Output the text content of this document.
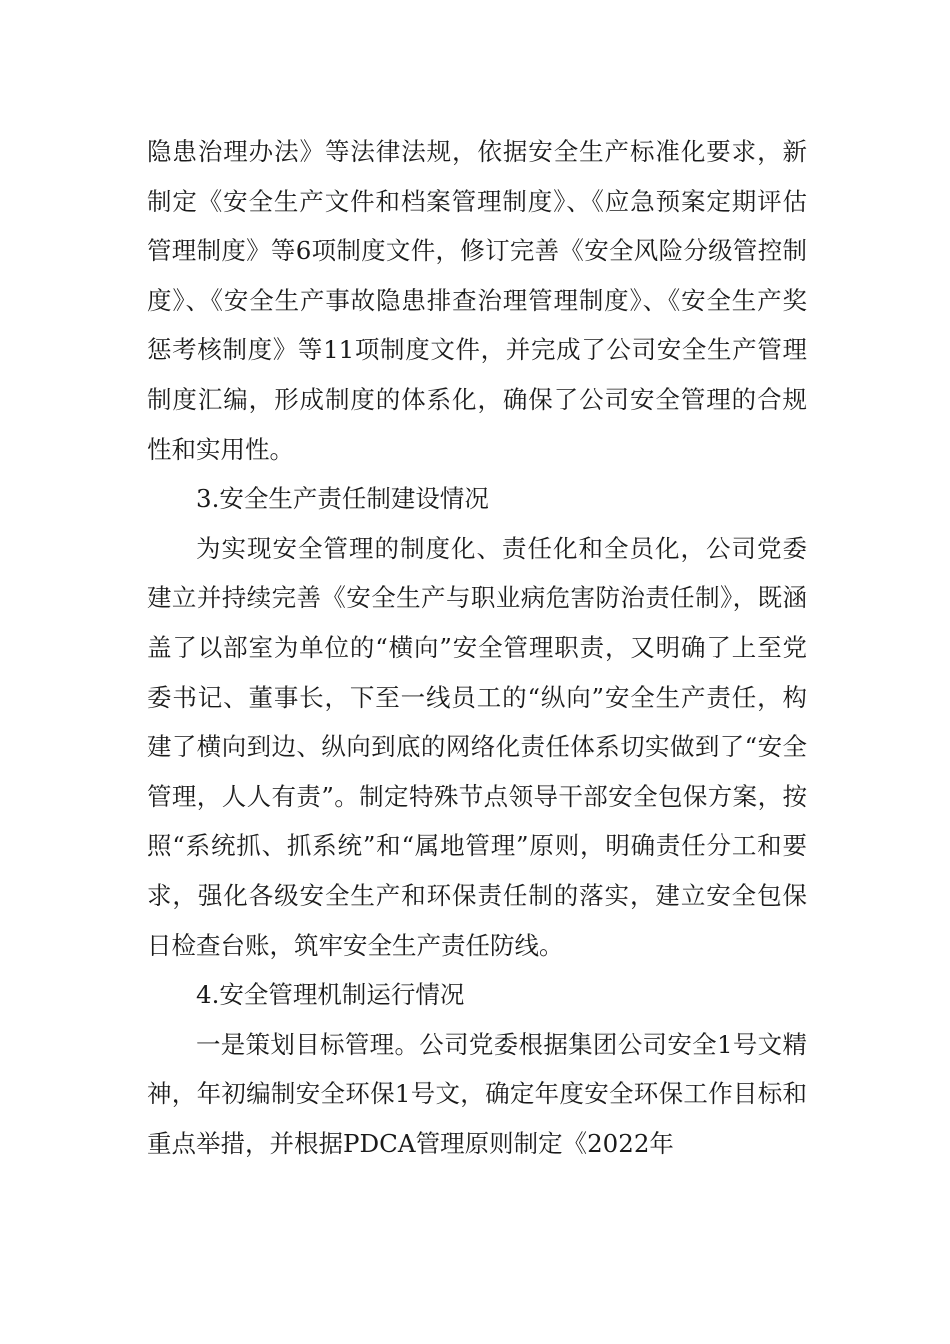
隐患治理办法》等法律法规，依据安全生产标准化要求，新制定《安全生产文件和档案管理制度》、《应急预案定期评估管理制度》等6项制度文件，修订完善《安全风险分级管控制度》、《安全生产事故隐患排查治理管理制度》、《安全生产奖惩考核制度》等11项制度文件，并完成了公司安全生产管理制度汇编，形成制度的体系化，确保了公司安全管理的合规性和实用性。

3.安全生产责任制建设情况

为实现安全管理的制度化、责任化和全员化，公司党委建立并持续完善《安全生产与职业病危害防治责任制》，既涵盖了以部室为单位的“横向”安全管理职责，又明确了上至党委书记、董事长，下至一线员工的“纵向”安全生产责任，构建了横向到边、纵向到底的网络化责任体系切实做到了“安全管理，人人有责”。制定特殊节点领导干部安全包保方案，按照“系统抓、抓系统”和“属地管理”原则，明确责任分工和要求，强化各级安全生产和环保责任制的落实，建立安全包保日检查台账，筑牢安全生产责任防线。

4.安全管理机制运行情况

一是策划目标管理。公司党委根据集团公司安全1号文精神，年初编制安全环保1号文，确定年度安全环保工作目标和重点举措，并根据PDCA管理原则制定《2022年
